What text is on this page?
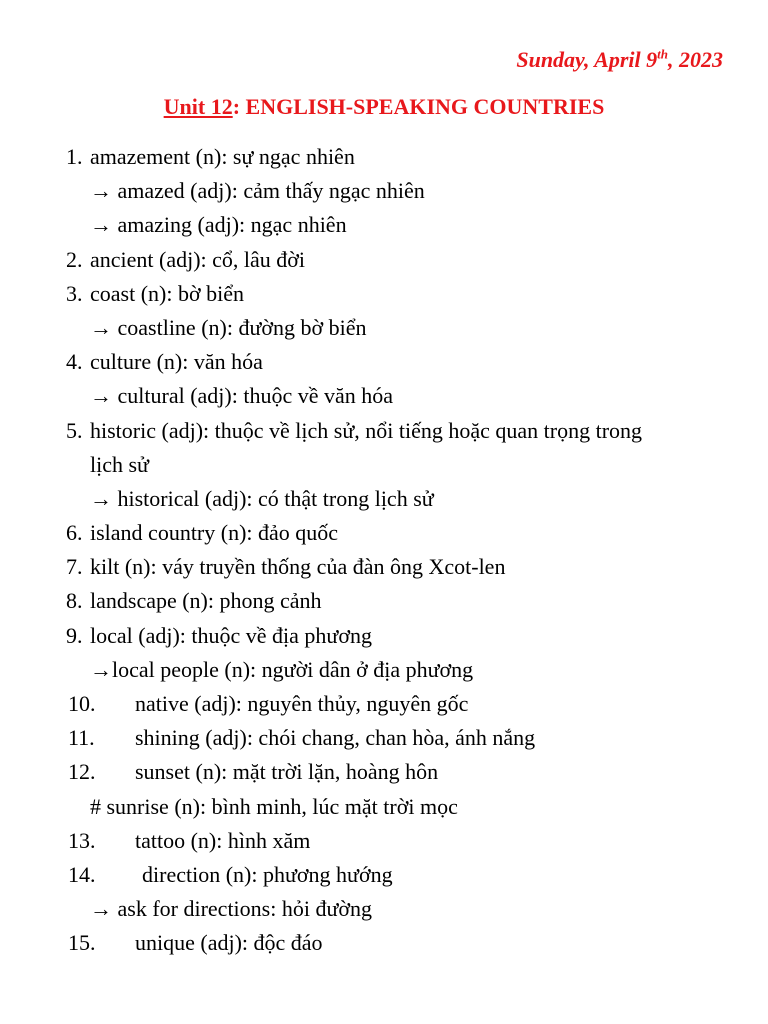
Sunday, April 9th, 2023
Unit 12: ENGLISH-SPEAKING COUNTRIES
1. amazement (n): sự ngạc nhiên
→ amazed (adj): cảm thấy ngạc nhiên
→ amazing (adj): ngạc nhiên
2. ancient (adj): cổ, lâu đời
3. coast (n): bờ biển
→ coastline (n): đường bờ biển
4. culture (n): văn hóa
→ cultural (adj): thuộc về văn hóa
5. historic (adj): thuộc về lịch sử, nổi tiếng hoặc quan trọng trong
lịch sử
→ historical (adj): có thật trong lịch sử
6. island country (n): đảo quốc
7. kilt (n): váy truyền thống của đàn ông Xcot-len
8. landscape (n): phong cảnh
9. local (adj): thuộc về địa phương
→local people (n): người dân ở địa phương
10. native (adj): nguyên thủy, nguyên gốc
11. shining (adj): chói chang, chan hòa, ánh nắng
12. sunset (n): mặt trời lặn, hoàng hôn
# sunrise (n): bình minh, lúc mặt trời mọc
13. tattoo (n): hình xăm
14. direction (n): phương hướng
→ ask for directions: hỏi đường
15. unique (adj): độc đáo
